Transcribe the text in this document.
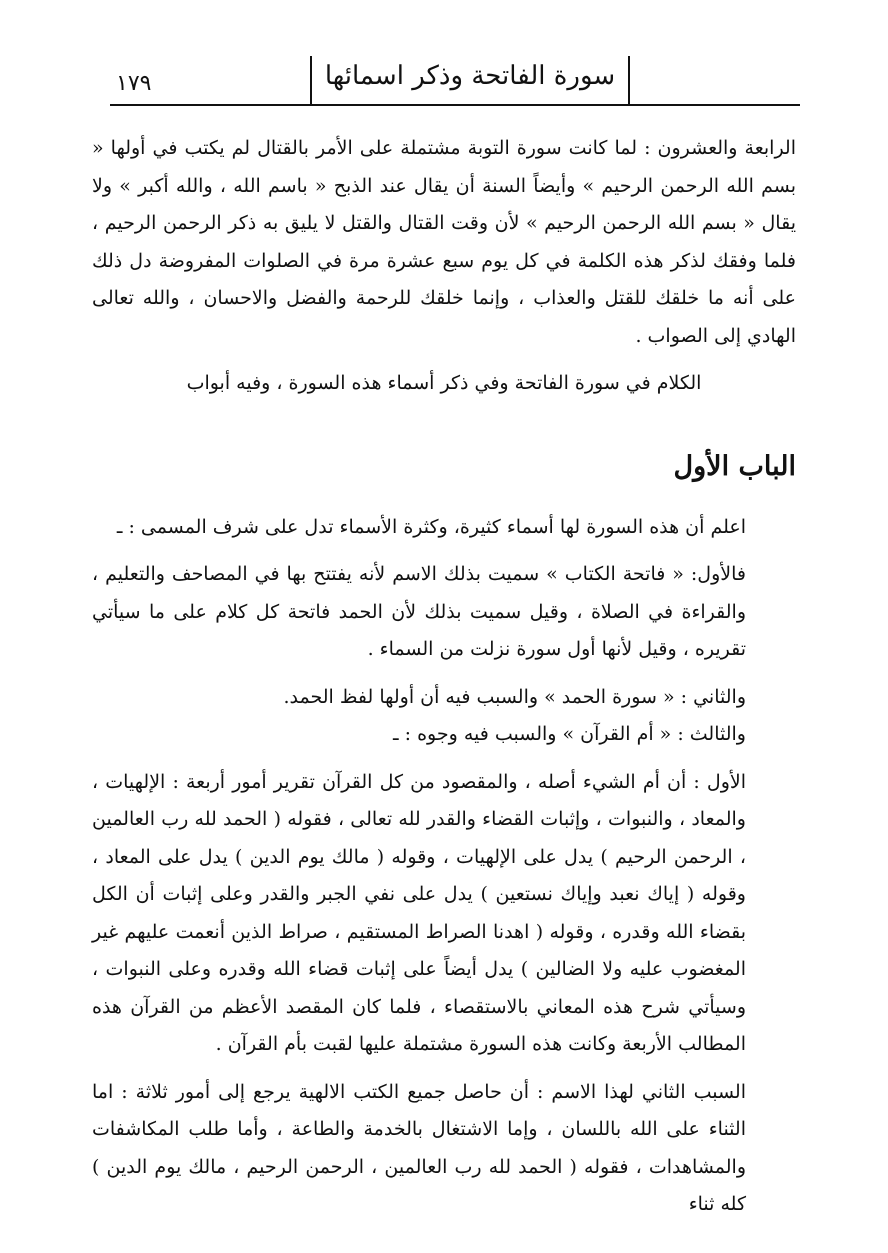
١٧٩	سورة الفاتحة وذكر اسمائها

الرابعة والعشرون : لما كانت سورة التوبة مشتملة على الأمر بالقتال لم يكتب في أولها « بسم الله الرحمن الرحيم » وأيضاً السنة أن يقال عند الذبح « باسم الله ، والله أكبر » ولا يقال « بسم الله الرحمن الرحيم » لأن وقت القتال والقتل لا يليق به ذكر الرحمن الرحيم ، فلما وفقك لذكر هذه الكلمة في كل يوم سبع عشرة مرة في الصلوات المفروضة دل ذلك على أنه ما خلقك للقتل والعذاب ، وإنما خلقك للرحمة والفضل والاحسان ، والله تعالى الهادي إلى الصواب .

الكلام في سورة الفاتحة وفي ذكر أسماء هذه السورة ، وفيه أبواب

الباب الأول

اعلم أن هذه السورة لها أسماء كثيرة، وكثرة الأسماء تدل على شرف المسمى : ـ

فالأول: « فاتحة الكتاب » سميت بذلك الاسم لأنه يفتتح بها في المصاحف والتعليم ، والقراءة في الصلاة ، وقيل سميت بذلك لأن الحمد فاتحة كل كلام على ما سيأتي تقريره ، وقيل لأنها أول سورة نزلت من السماء .

والثاني : « سورة الحمد » والسبب فيه أن أولها لفظ الحمد.

والثالث : « أم القرآن » والسبب فيه وجوه : ـ

الأول : أن أم الشيء أصله ، والمقصود من كل القرآن تقرير أمور أربعة : الإلهيات ، والمعاد ، والنبوات ، وإثبات القضاء والقدر لله تعالى ، فقوله ( الحمد لله رب العالمين ، الرحمن الرحيم ) يدل على الإلهيات ، وقوله ( مالك يوم الدين ) يدل على المعاد ، وقوله ( إياك نعبد وإياك نستعين ) يدل على نفي الجبر والقدر وعلى إثبات أن الكل بقضاء الله وقدره ، وقوله ( اهدنا الصراط المستقيم ، صراط الذين أنعمت عليهم غير المغضوب عليه ولا الضالين ) يدل أيضاً على إثبات قضاء الله وقدره وعلى النبوات ، وسيأتي شرح هذه المعاني بالاستقصاء ، فلما كان المقصد الأعظم من القرآن هذه المطالب الأربعة وكانت هذه السورة مشتملة عليها لقبت بأم القرآن .

السبب الثاني لهذا الاسم : أن حاصل جميع الكتب الالهية يرجع إلى أمور ثلاثة : اما الثناء على الله باللسان ، وإما الاشتغال بالخدمة والطاعة ، وأما طلب المكاشفات والمشاهدات ، فقوله ( الحمد لله رب العالمين ، الرحمن الرحيم ، مالك يوم الدين ) كله ثناء
